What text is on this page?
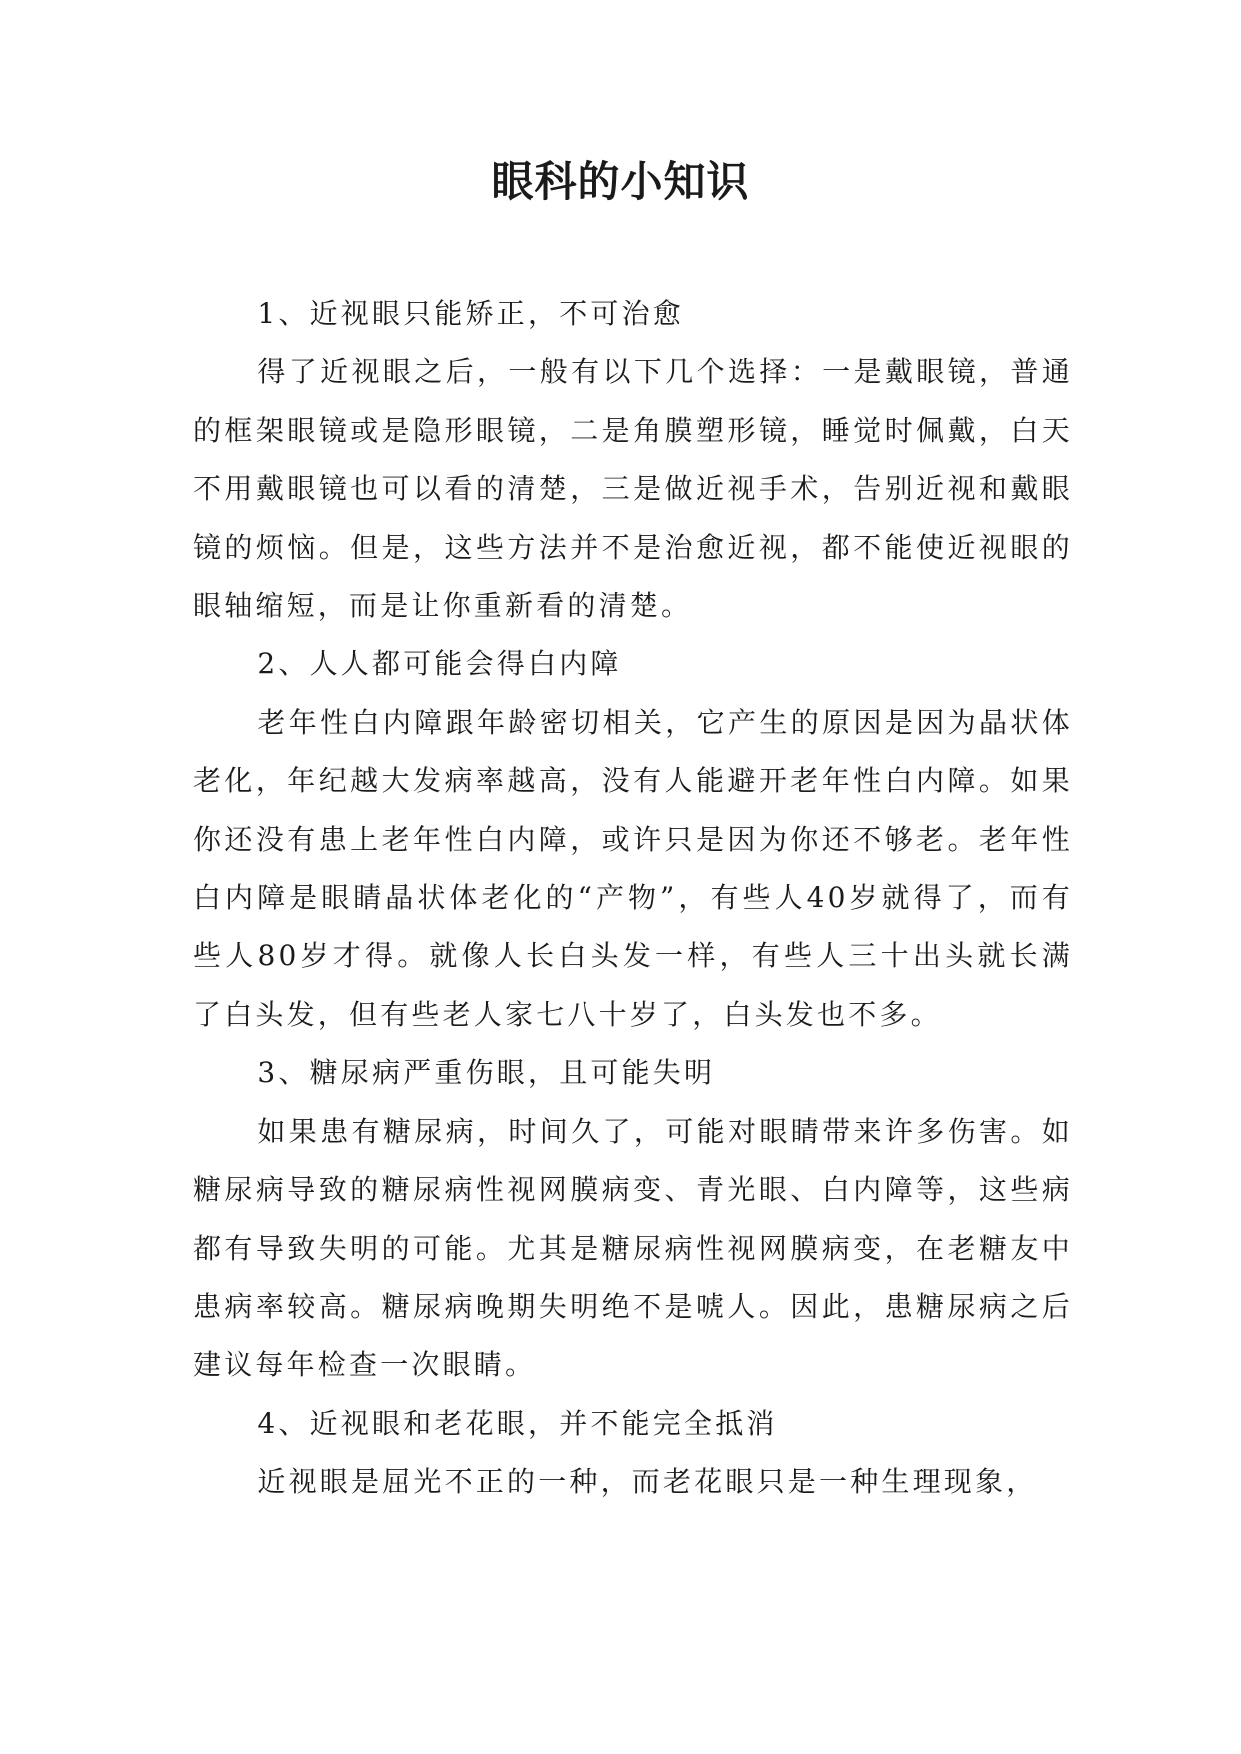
眼科的小知识

1、近视眼只能矫正，不可治愈

得了近视眼之后，一般有以下几个选择：一是戴眼镜，普通的框架眼镜或是隐形眼镜，二是角膜塑形镜，睡觉时佩戴，白天不用戴眼镜也可以看的清楚，三是做近视手术，告别近视和戴眼镜的烦恼。但是，这些方法并不是治愈近视，都不能使近视眼的眼轴缩短，而是让你重新看的清楚。

2、人人都可能会得白内障

老年性白内障跟年龄密切相关，它产生的原因是因为晶状体老化，年纪越大发病率越高，没有人能避开老年性白内障。如果你还没有患上老年性白内障，或许只是因为你还不够老。老年性白内障是眼睛晶状体老化的“产物”，有些人40岁就得了，而有些人80岁才得。就像人长白头发一样，有些人三十出头就长满了白头发，但有些老人家七八十岁了，白头发也不多。

3、糖尿病严重伤眼，且可能失明

如果患有糖尿病，时间久了，可能对眼睛带来许多伤害。如糖尿病导致的糖尿病性视网膜病变、青光眼、白内障等，这些病都有导致失明的可能。尤其是糖尿病性视网膜病变，在老糖友中患病率较高。糖尿病晚期失明绝不是唬人。因此，患糖尿病之后建议每年检查一次眼睛。

4、近视眼和老花眼，并不能完全抵消

近视眼是屈光不正的一种，而老花眼只是一种生理现象，
